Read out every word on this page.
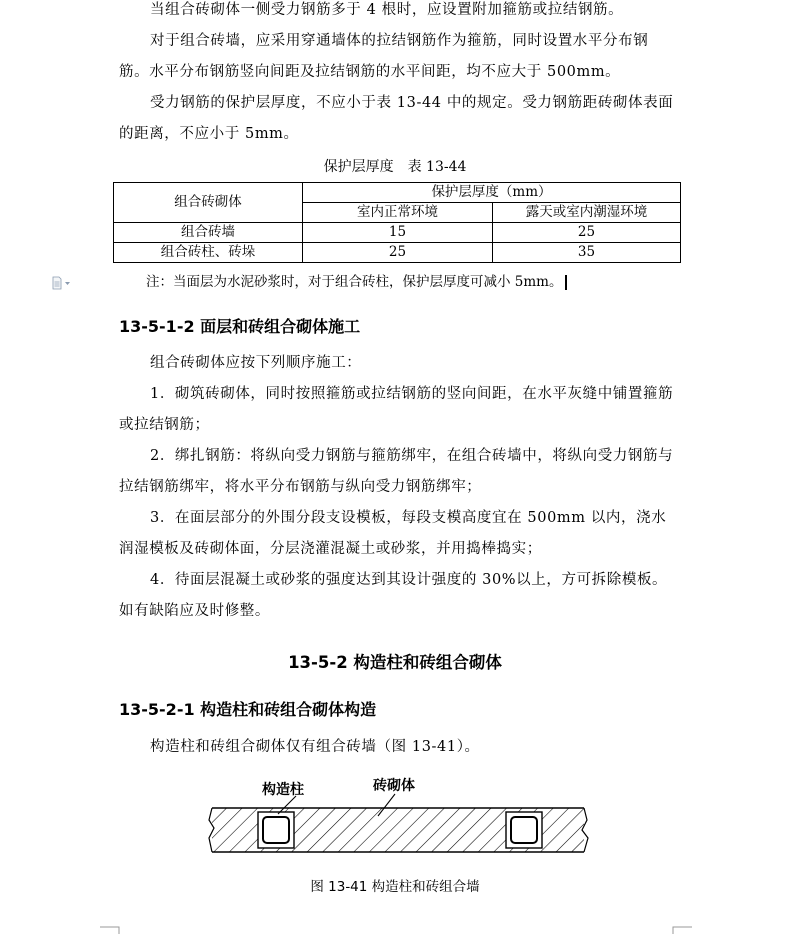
当组合砖砌体一侧受力钢筋多于 4 根时，应设置附加箍筋或拉结钢筋。
对于组合砖墙，应采用穿通墙体的拉结钢筋作为箍筋，同时设置水平分布钢筋。水平分布钢筋竖向间距及拉结钢筋的水平间距，均不应大于 500mm。
受力钢筋的保护层厚度，不应小于表 13-44 中的规定。受力钢筋距砖砌体表面的距离，不应小于 5mm。
保护层厚度　表 13-44
组合砖砌体	保护层厚度（mm）	
	室内正常环境	露天或室内潮湿环境
组合砖墙	15	25
组合砖柱、砖垛	25	35
注：当面层为水泥砂浆时，对于组合砖柱，保护层厚度可减小 5mm。
13-5-1-2 面层和砖组合砌体施工
组合砖砌体应按下列顺序施工：
1．砌筑砖砌体，同时按照箍筋或拉结钢筋的竖向间距，在水平灰缝中铺置箍筋或拉结钢筋；
2．绑扎钢筋：将纵向受力钢筋与箍筋绑牢，在组合砖墙中，将纵向受力钢筋与拉结钢筋绑牢，将水平分布钢筋与纵向受力钢筋绑牢；
3．在面层部分的外围分段支设模板，每段支模高度宜在 500mm 以内，浇水润湿模板及砖砌体面，分层浇灌混凝土或砂浆，并用捣棒捣实；
4．待面层混凝土或砂浆的强度达到其设计强度的 30%以上，方可拆除模板。如有缺陷应及时修整。
13-5-2 构造柱和砖组合砌体
13-5-2-1 构造柱和砖组合砌体构造
构造柱和砖组合砌体仅有组合砖墙（图 13-41）。
构造柱	砖砌体
图 13-41 构造柱和砖组合墙
